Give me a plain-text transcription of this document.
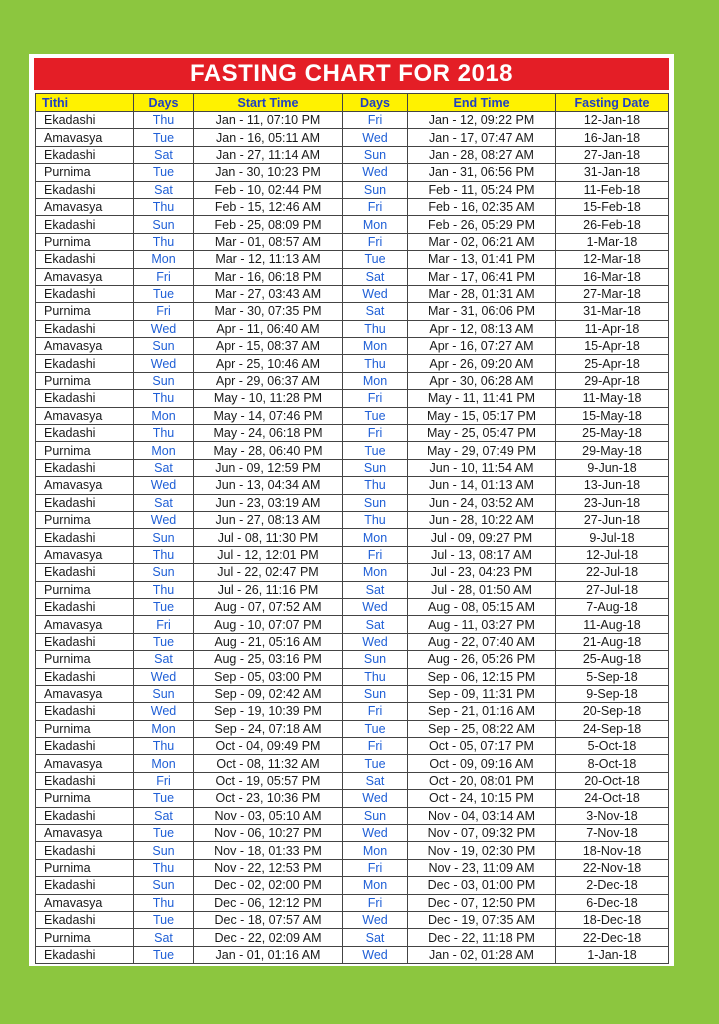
FASTING CHART FOR 2018
Tithi	Days	Start Time	Days	End Time	Fasting Date
Ekadashi	Thu	Jan - 11, 07:10 PM	Fri	Jan - 12, 09:22 PM	12-Jan-18
Amavasya	Tue	Jan - 16, 05:11 AM	Wed	Jan - 17, 07:47 AM	16-Jan-18
Ekadashi	Sat	Jan - 27, 11:14 AM	Sun	Jan - 28, 08:27 AM	27-Jan-18
Purnima	Tue	Jan - 30, 10:23 PM	Wed	Jan - 31, 06:56 PM	31-Jan-18
Ekadashi	Sat	Feb - 10, 02:44 PM	Sun	Feb - 11, 05:24 PM	11-Feb-18
Amavasya	Thu	Feb - 15, 12:46 AM	Fri	Feb - 16, 02:35 AM	15-Feb-18
Ekadashi	Sun	Feb - 25, 08:09 PM	Mon	Feb - 26, 05:29 PM	26-Feb-18
Purnima	Thu	Mar - 01, 08:57 AM	Fri	Mar - 02, 06:21 AM	1-Mar-18
Ekadashi	Mon	Mar - 12, 11:13 AM	Tue	Mar - 13, 01:41 PM	12-Mar-18
Amavasya	Fri	Mar - 16, 06:18 PM	Sat	Mar - 17, 06:41 PM	16-Mar-18
Ekadashi	Tue	Mar - 27, 03:43 AM	Wed	Mar - 28, 01:31 AM	27-Mar-18
Purnima	Fri	Mar - 30, 07:35 PM	Sat	Mar - 31, 06:06 PM	31-Mar-18
Ekadashi	Wed	Apr - 11, 06:40 AM	Thu	Apr - 12, 08:13 AM	11-Apr-18
Amavasya	Sun	Apr - 15, 08:37 AM	Mon	Apr - 16, 07:27 AM	15-Apr-18
Ekadashi	Wed	Apr - 25, 10:46 AM	Thu	Apr - 26, 09:20 AM	25-Apr-18
Purnima	Sun	Apr - 29, 06:37 AM	Mon	Apr - 30, 06:28 AM	29-Apr-18
Ekadashi	Thu	May - 10, 11:28 PM	Fri	May - 11, 11:41 PM	11-May-18
Amavasya	Mon	May - 14, 07:46 PM	Tue	May - 15, 05:17 PM	15-May-18
Ekadashi	Thu	May - 24, 06:18 PM	Fri	May - 25, 05:47 PM	25-May-18
Purnima	Mon	May - 28, 06:40 PM	Tue	May - 29, 07:49 PM	29-May-18
Ekadashi	Sat	Jun - 09, 12:59 PM	Sun	Jun - 10, 11:54 AM	9-Jun-18
Amavasya	Wed	Jun - 13, 04:34 AM	Thu	Jun - 14, 01:13 AM	13-Jun-18
Ekadashi	Sat	Jun - 23, 03:19 AM	Sun	Jun - 24, 03:52 AM	23-Jun-18
Purnima	Wed	Jun - 27, 08:13 AM	Thu	Jun - 28, 10:22 AM	27-Jun-18
Ekadashi	Sun	Jul - 08, 11:30 PM	Mon	Jul - 09, 09:27 PM	9-Jul-18
Amavasya	Thu	Jul - 12, 12:01 PM	Fri	Jul - 13, 08:17 AM	12-Jul-18
Ekadashi	Sun	Jul - 22, 02:47 PM	Mon	Jul - 23, 04:23 PM	22-Jul-18
Purnima	Thu	Jul - 26, 11:16 PM	Sat	Jul - 28, 01:50 AM	27-Jul-18
Ekadashi	Tue	Aug - 07, 07:52 AM	Wed	Aug - 08, 05:15 AM	7-Aug-18
Amavasya	Fri	Aug - 10, 07:07 PM	Sat	Aug - 11, 03:27 PM	11-Aug-18
Ekadashi	Tue	Aug - 21, 05:16 AM	Wed	Aug - 22, 07:40 AM	21-Aug-18
Purnima	Sat	Aug - 25, 03:16 PM	Sun	Aug - 26, 05:26 PM	25-Aug-18
Ekadashi	Wed	Sep - 05, 03:00 PM	Thu	Sep - 06, 12:15 PM	5-Sep-18
Amavasya	Sun	Sep - 09, 02:42 AM	Sun	Sep - 09, 11:31 PM	9-Sep-18
Ekadashi	Wed	Sep - 19, 10:39 PM	Fri	Sep - 21, 01:16 AM	20-Sep-18
Purnima	Mon	Sep - 24, 07:18 AM	Tue	Sep - 25, 08:22 AM	24-Sep-18
Ekadashi	Thu	Oct - 04, 09:49 PM	Fri	Oct - 05, 07:17 PM	5-Oct-18
Amavasya	Mon	Oct - 08, 11:32 AM	Tue	Oct - 09, 09:16 AM	8-Oct-18
Ekadashi	Fri	Oct - 19, 05:57 PM	Sat	Oct - 20, 08:01 PM	20-Oct-18
Purnima	Tue	Oct - 23, 10:36 PM	Wed	Oct - 24, 10:15 PM	24-Oct-18
Ekadashi	Sat	Nov - 03, 05:10 AM	Sun	Nov - 04, 03:14 AM	3-Nov-18
Amavasya	Tue	Nov - 06, 10:27 PM	Wed	Nov - 07, 09:32 PM	7-Nov-18
Ekadashi	Sun	Nov - 18, 01:33 PM	Mon	Nov - 19, 02:30 PM	18-Nov-18
Purnima	Thu	Nov - 22, 12:53 PM	Fri	Nov - 23, 11:09 AM	22-Nov-18
Ekadashi	Sun	Dec - 02, 02:00 PM	Mon	Dec - 03, 01:00 PM	2-Dec-18
Amavasya	Thu	Dec - 06, 12:12 PM	Fri	Dec - 07, 12:50 PM	6-Dec-18
Ekadashi	Tue	Dec - 18, 07:57 AM	Wed	Dec - 19, 07:35 AM	18-Dec-18
Purnima	Sat	Dec - 22, 02:09 AM	Sat	Dec - 22, 11:18 PM	22-Dec-18
Ekadashi	Tue	Jan - 01, 01:16 AM	Wed	Jan - 02, 01:28 AM	1-Jan-18
